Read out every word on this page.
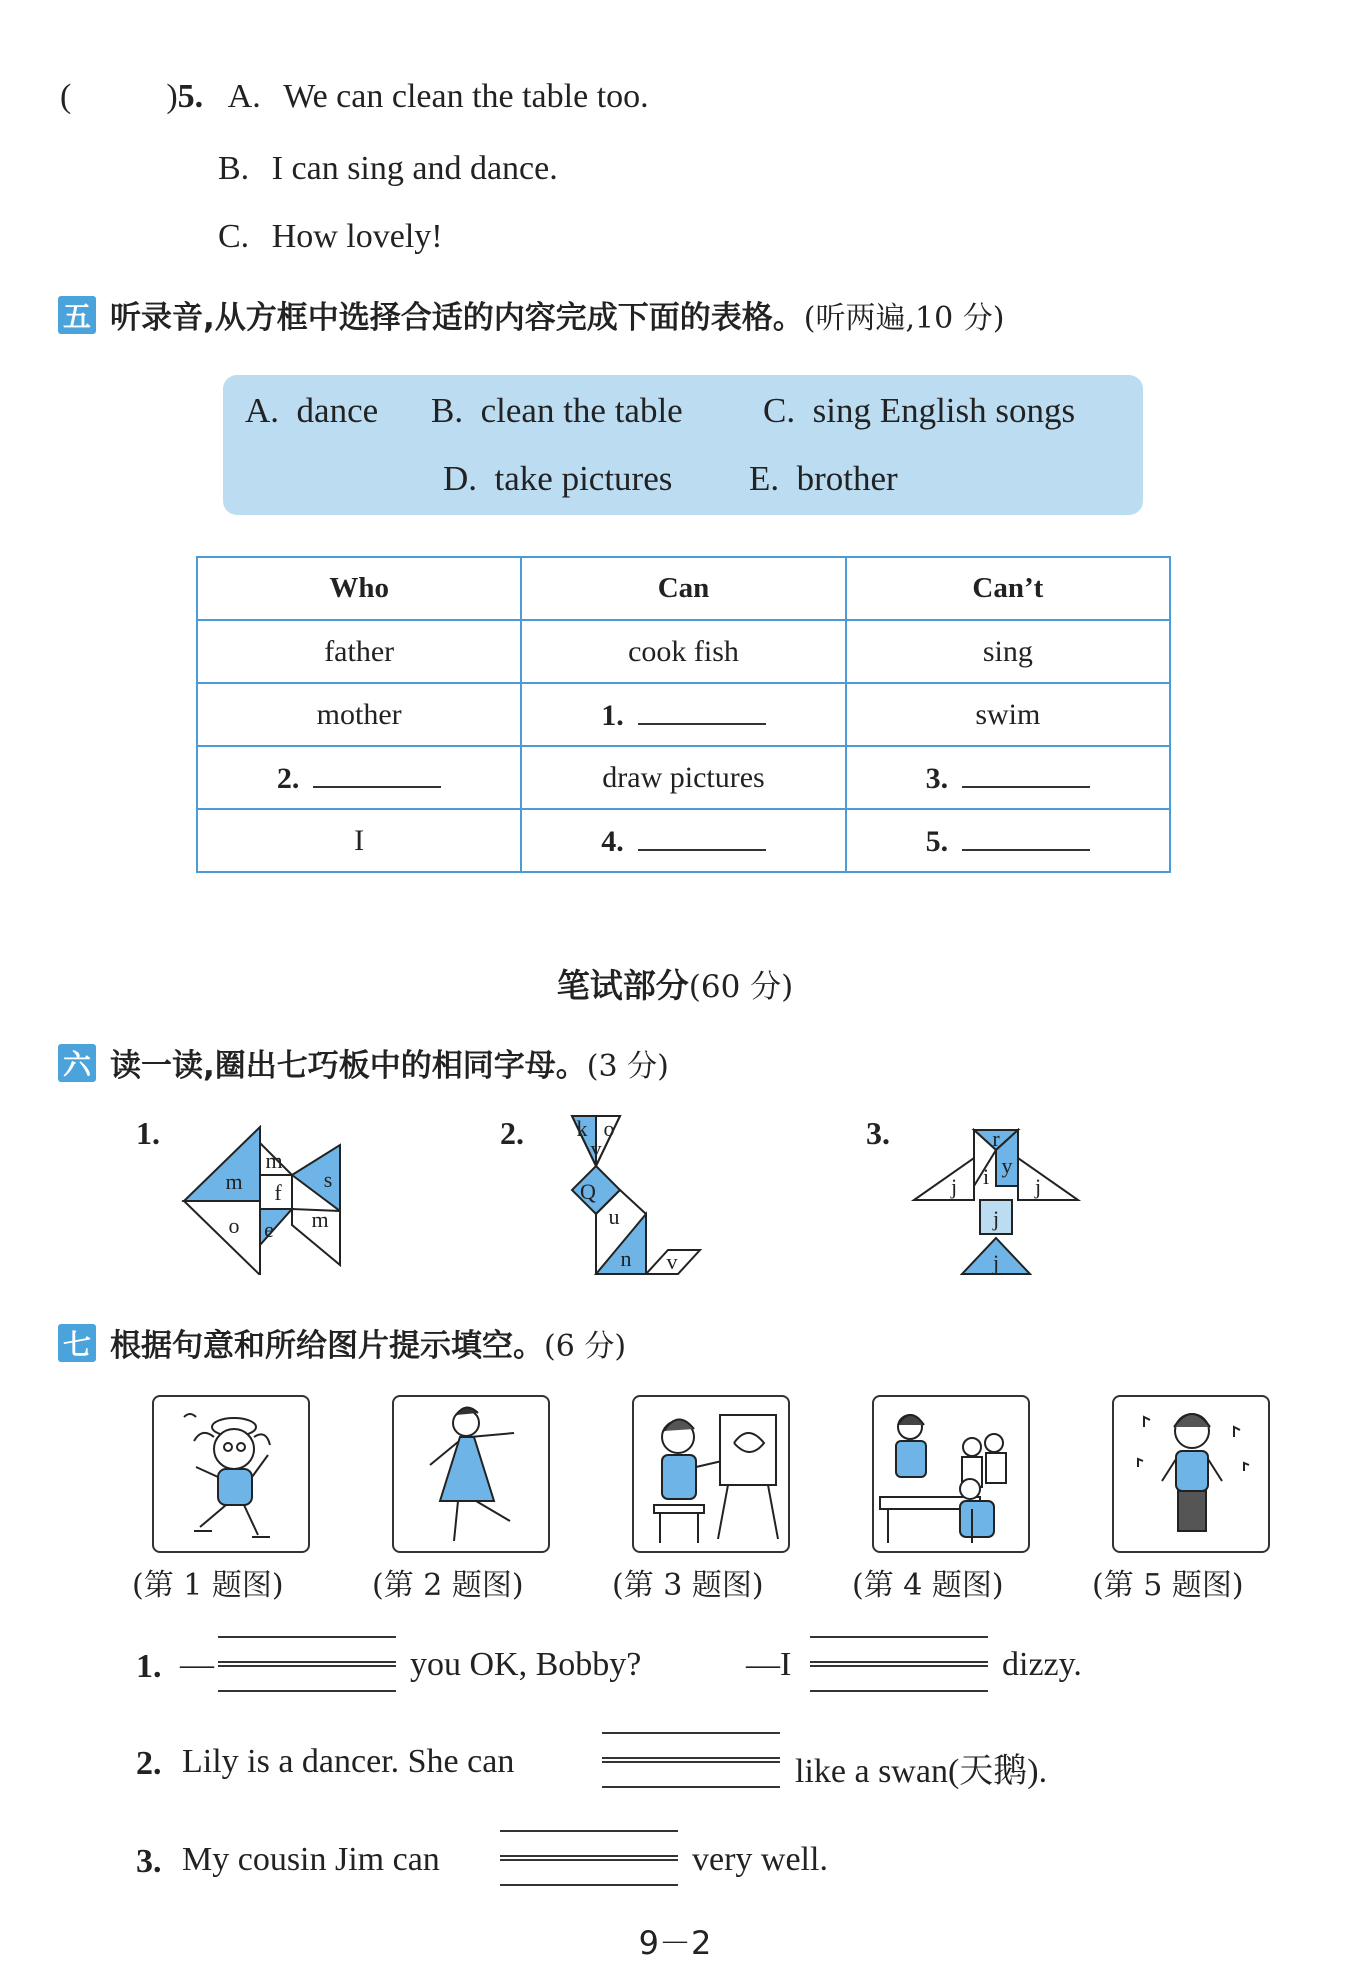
(	)5. A. We can clean the table too.
B. I can sing and dance.
C. How lovely!
五 听录音,从方框中选择合适的内容完成下面的表格。 (听两遍,10 分)
A. dance B. clean the table C. sing English songs
D. take pictures E. brother
Who	Can	Can’t
father	cook fish	sing
mother	1.	swim
2.	draw pictures	3.
I	4.	5.
笔试部分(60 分)
六 读一读,圈出七巧板中的相同字母。 (3 分)
1.	2.	3.
m
m
s
f
o e m
k o
v
Q
u
n v
r
y
j i j
j
j
七 根据句意和所给图片提示填空。 (6 分)
(第 1 题图)	(第 2 题图)	(第 3 题图)	(第 4 题图)	(第 5 题图)
1. —	you OK, Bobby?	—I	dizzy.
2. Lily is a dancer. She can	like a swan(天鹅).
3. My cousin Jim can	very well.
9－2
